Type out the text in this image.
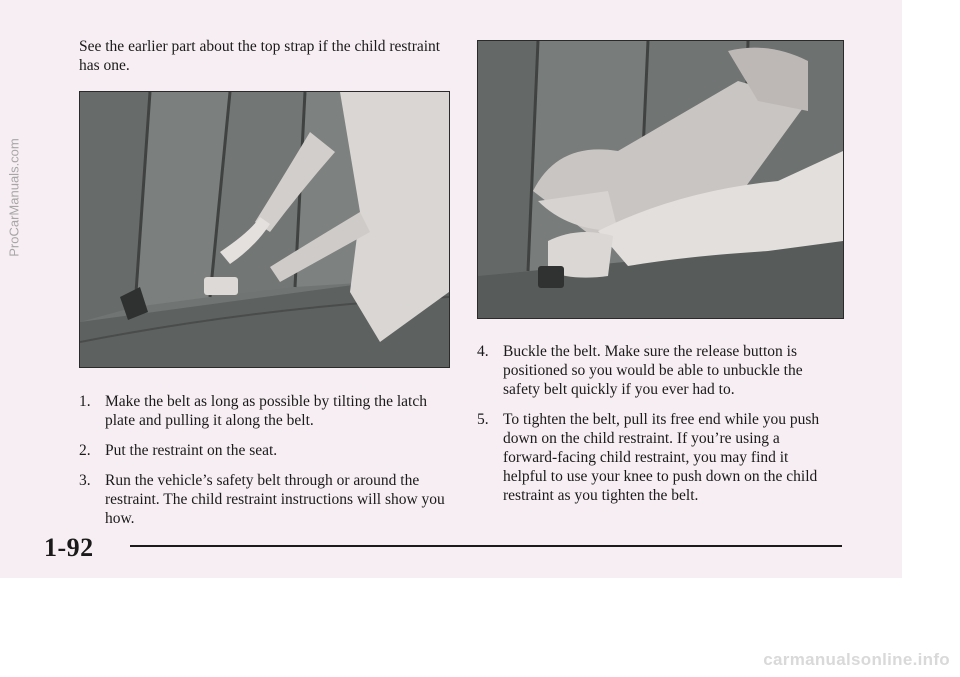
See the earlier part about the top strap if the child restraint has one.
1. Make the belt as long as possible by tilting the latch plate and pulling it along the belt.
2. Put the restraint on the seat.
3. Run the vehicle’s safety belt through or around the restraint. The child restraint instructions will show you how.
4. Buckle the belt. Make sure the release button is positioned so you would be able to unbuckle the safety belt quickly if you ever had to.
5. To tighten the belt, pull its free end while you push down on the child restraint. If you’re using a forward-facing child restraint, you may find it helpful to use your knee to push down on the child restraint as you tighten the belt.
1-92
ProCarManuals.com
carmanualsonline.info
